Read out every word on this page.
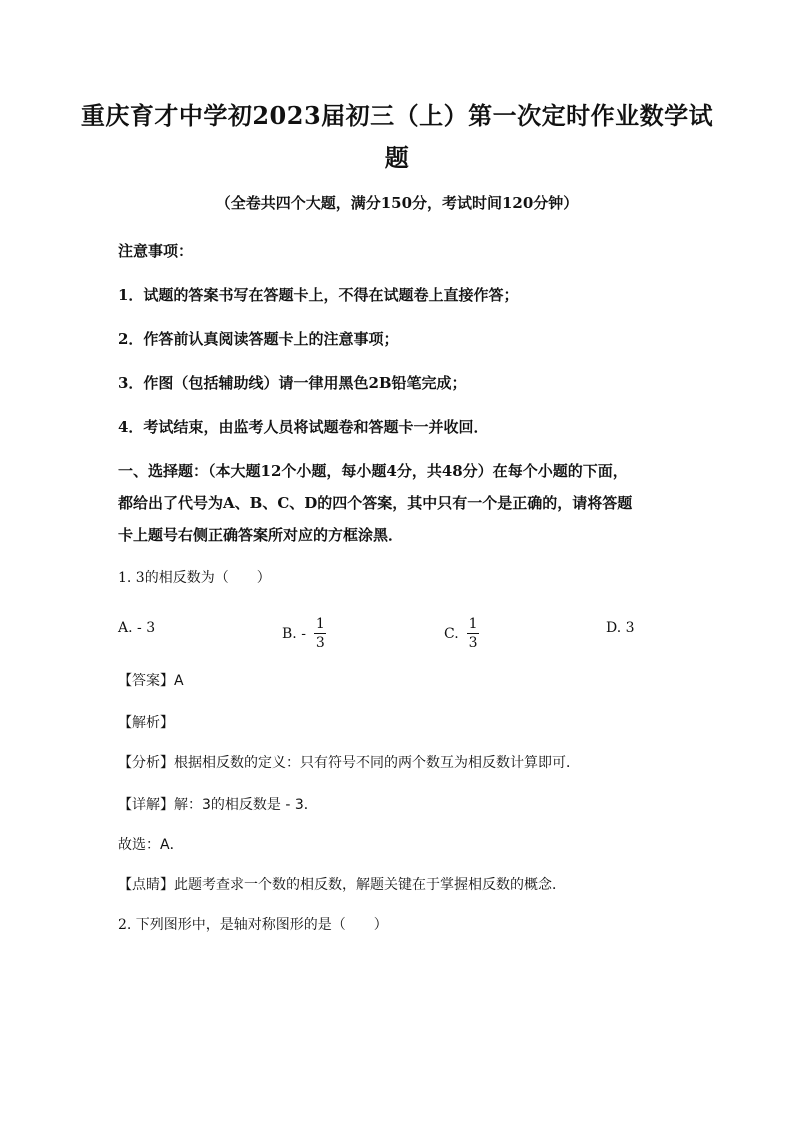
重庆育才中学初2023届初三（上）第一次定时作业数学试
题
（全卷共四个大题，满分150分，考试时间120分钟）
注意事项：
1．试题的答案书写在答题卡上，不得在试题卷上直接作答；
2．作答前认真阅读答题卡上的注意事项；
3．作图（包括辅助线）请一律用黑色2B铅笔完成；
4．考试结束，由监考人员将试题卷和答题卡一并收回．
一、选择题：（本大题12个小题，每小题4分，共48分）在每个小题的下面，
都给出了代号为A、B、C、D的四个答案，其中只有一个是正确的，请将答题
卡上题号右侧正确答案所对应的方框涂黑．
1. 3的相反数为（　　）
A. - 3	B. - $\frac{1}{3}$	C. $\frac{1}{3}$	D. 3
【答案】A
【解析】
【分析】根据相反数的定义：只有符号不同的两个数互为相反数计算即可．
【详解】解：3的相反数是 - 3．
故选：A．
【点睛】此题考查求一个数的相反数，解题关键在于掌握相反数的概念．
2. 下列图形中，是轴对称图形的是（　　）
